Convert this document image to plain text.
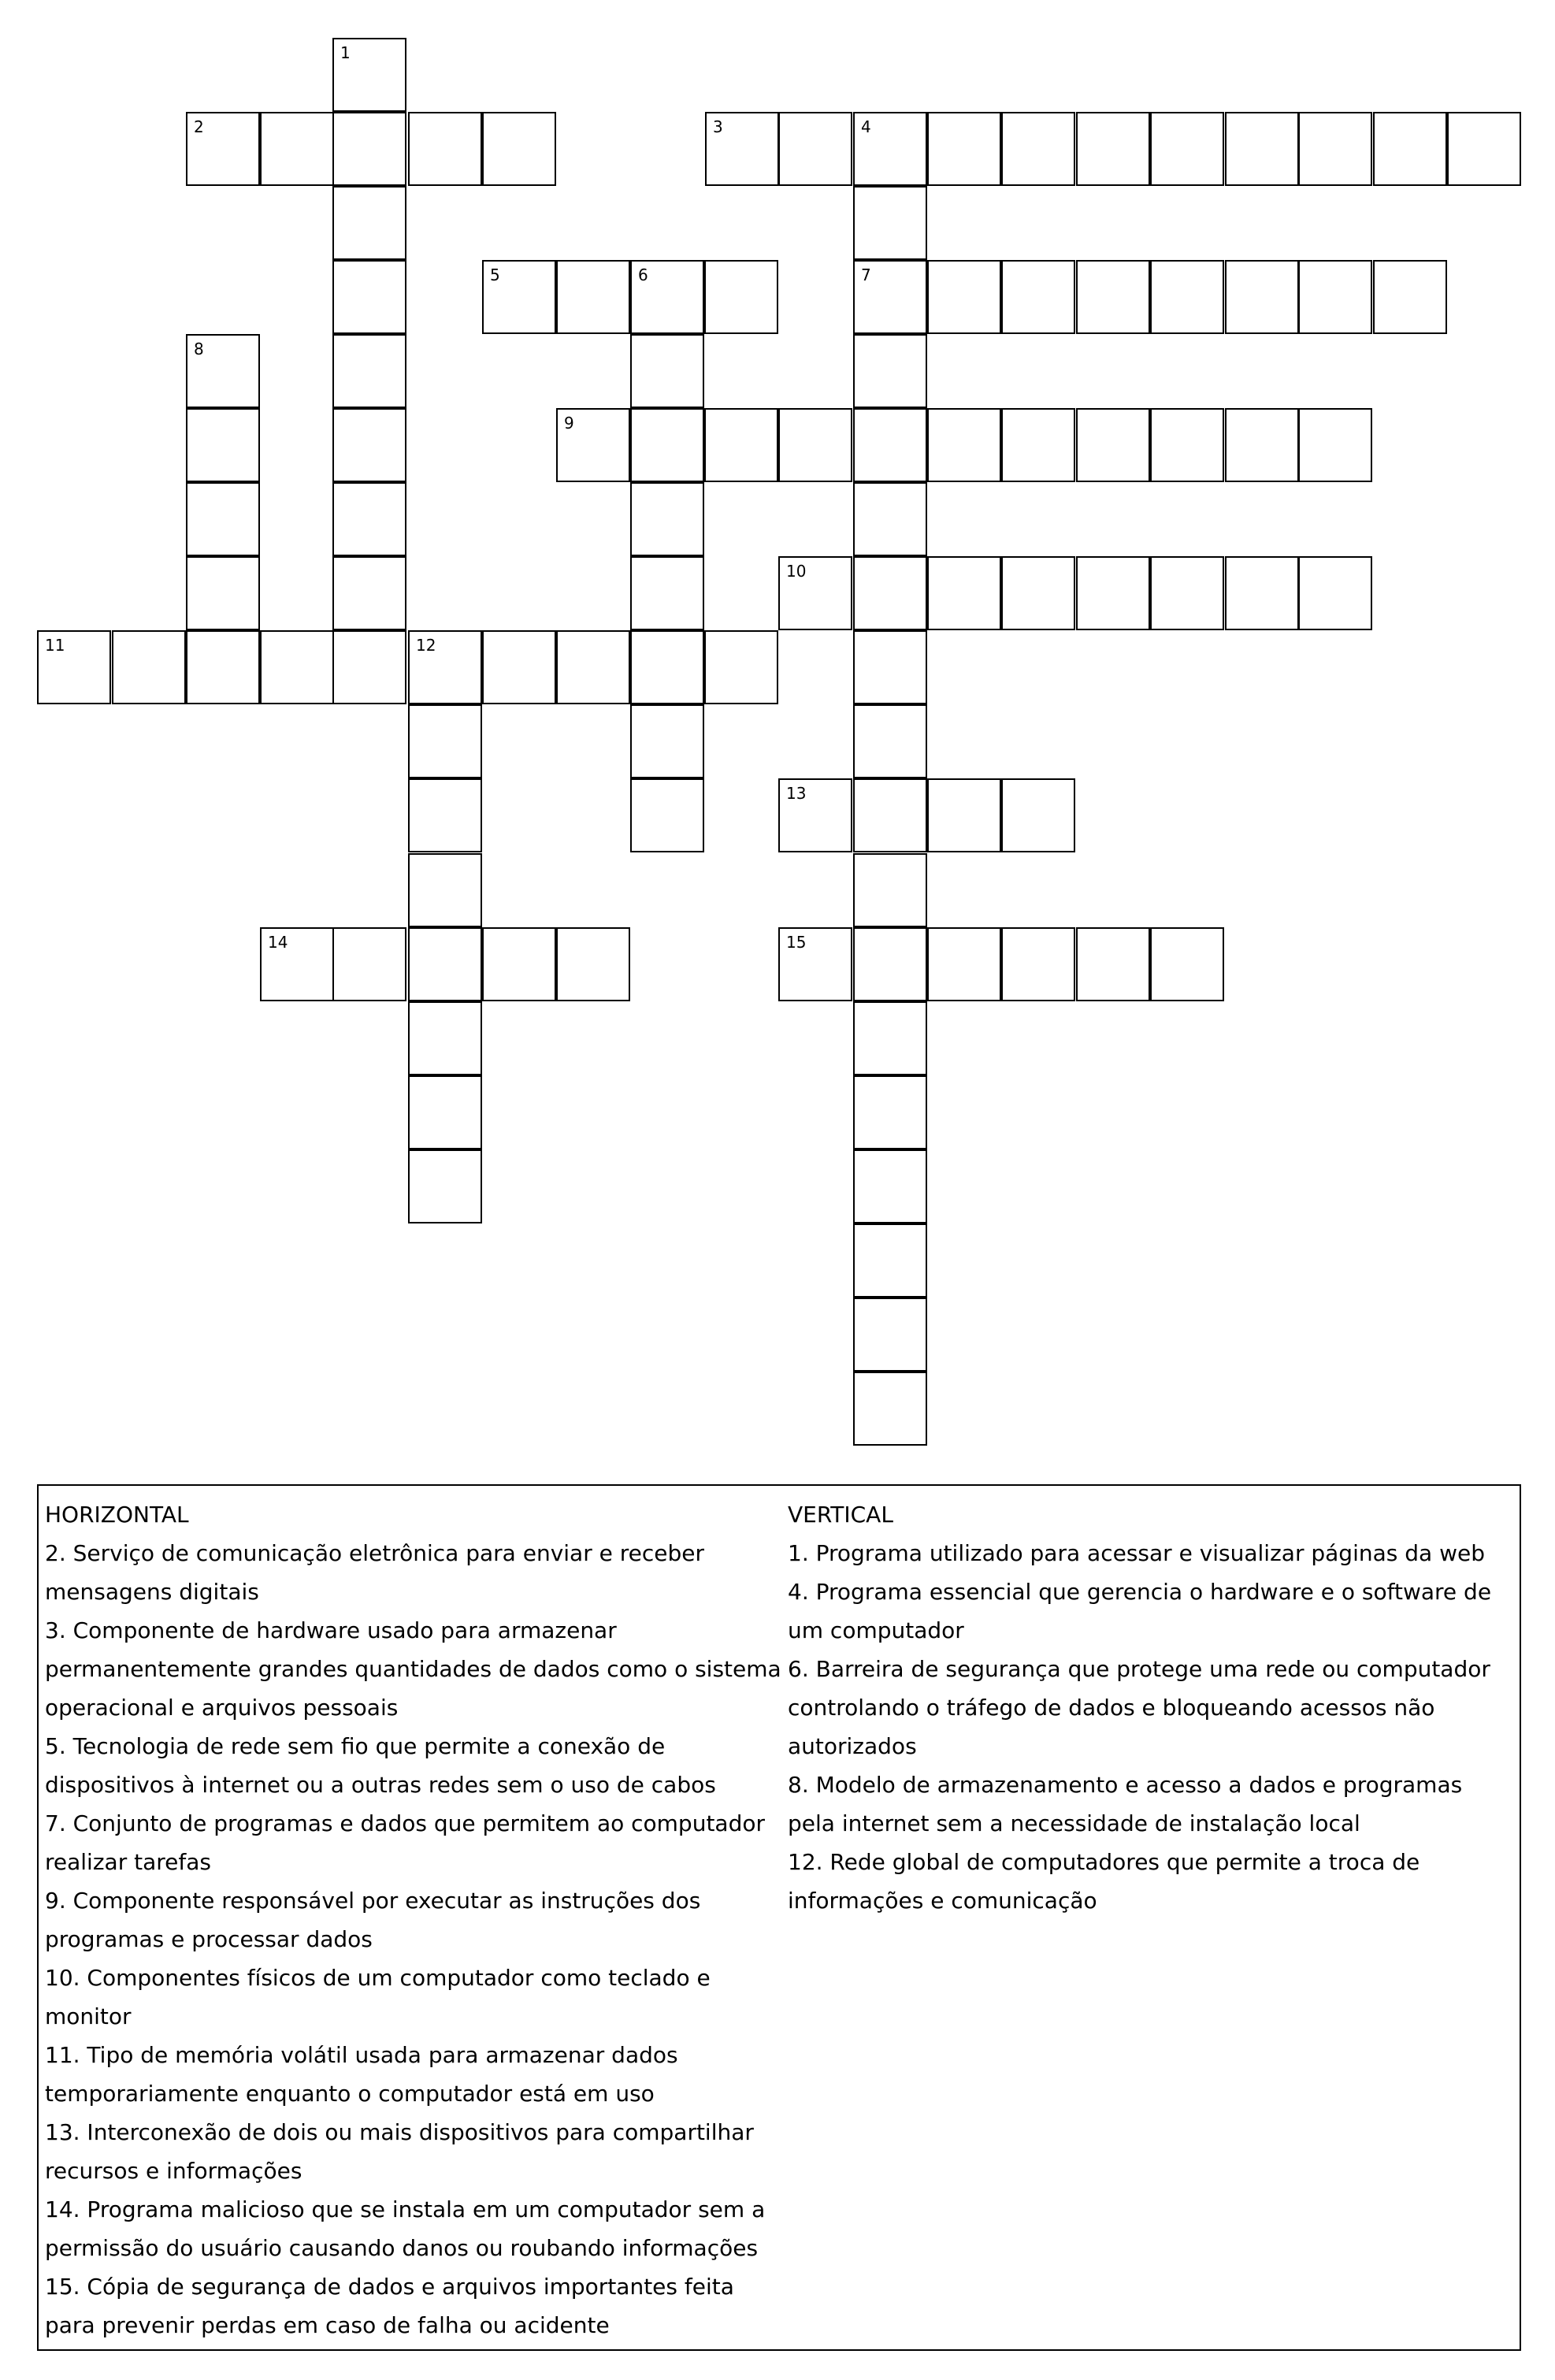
1
2	3	4
5	6	7
8
9
10
11	12
13
14	15
HORIZONTAL
2. Serviço de comunicação eletrônica para enviar e receber mensagens digitais
3. Componente de hardware usado para armazenar permanentemente grandes quantidades de dados como o sistema operacional e arquivos pessoais
5. Tecnologia de rede sem fio que permite a conexão de dispositivos à internet ou a outras redes sem o uso de cabos
7. Conjunto de programas e dados que permitem ao computador realizar tarefas
9. Componente responsável por executar as instruções dos programas e processar dados
10. Componentes físicos de um computador como teclado e monitor
11. Tipo de memória volátil usada para armazenar dados temporariamente enquanto o computador está em uso
13. Interconexão de dois ou mais dispositivos para compartilhar recursos e informações
14. Programa malicioso que se instala em um computador sem a permissão do usuário causando danos ou roubando informações
15. Cópia de segurança de dados e arquivos importantes feita para prevenir perdas em caso de falha ou acidente
VERTICAL
1. Programa utilizado para acessar e visualizar páginas da web
4. Programa essencial que gerencia o hardware e o software de um computador
6. Barreira de segurança que protege uma rede ou computador controlando o tráfego de dados e bloqueando acessos não autorizados
8. Modelo de armazenamento e acesso a dados e programas pela internet sem a necessidade de instalação local
12. Rede global de computadores que permite a troca de informações e comunicação
